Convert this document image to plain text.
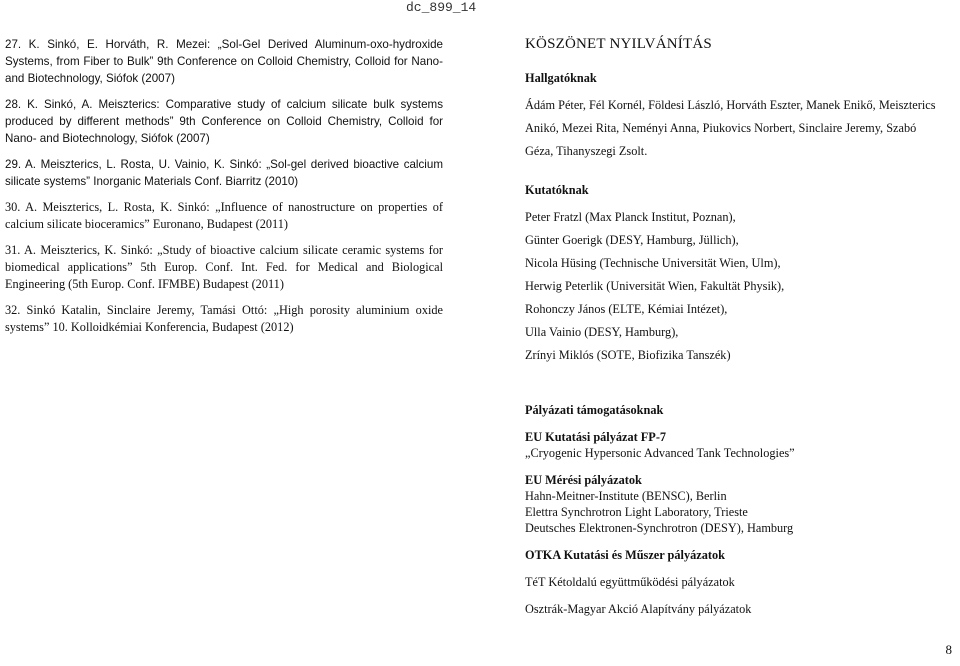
dc_899_14

27. K. Sinkó, E. Horváth, R. Mezei: „Sol-Gel Derived Aluminum-oxo-hydroxide Systems, from Fiber to Bulk” 9th Conference on Colloid Chemistry, Colloid for Nano- and Biotechnology, Siófok (2007)

28. K. Sinkó, A. Meiszterics: Comparative study of calcium silicate bulk systems produced by different methods” 9th Conference on Colloid Chemistry, Colloid for Nano- and Biotechnology, Siófok (2007)

29. A. Meiszterics, L. Rosta, U. Vainio, K. Sinkó: „Sol-gel derived bioactive calcium silicate systems” Inorganic Materials Conf. Biarritz (2010)

30. A. Meiszterics, L. Rosta, K. Sinkó: „Influence of nanostructure on properties of calcium silicate bioceramics” Euronano, Budapest (2011)

31. A. Meiszterics, K. Sinkó: „Study of bioactive calcium silicate ceramic systems for biomedical applications” 5th Europ. Conf. Int. Fed. for Medical and Biological Engineering (5th Europ. Conf. IFMBE) Budapest (2011)

32. Sinkó Katalin, Sinclaire Jeremy, Tamási Ottó: „High porosity aluminium oxide systems” 10. Kolloidkémiai Konferencia, Budapest (2012)

KÖSZÖNET NYILVÁNÍTÁS
Hallgatóknak
Ádám Péter, Fél Kornél, Földesi László, Horváth Eszter, Manek Enikő, Meiszterics
Anikó, Mezei Rita, Neményi Anna, Piukovics Norbert, Sinclaire Jeremy, Szabó
Géza, Tihanyszegi Zsolt.
Kutatóknak
Peter Fratzl (Max Planck Institut, Poznan),
Günter Goerigk (DESY, Hamburg, Jüllich),
Nicola Hüsing (Technische Universität Wien, Ulm),
Herwig Peterlik (Universität Wien, Fakultät Physik),
Rohonczy János (ELTE, Kémiai Intézet),
Ulla Vainio (DESY, Hamburg),
Zrínyi Miklós (SOTE, Biofizika Tanszék)
Pályázati támogatásoknak
EU Kutatási pályázat FP-7
„Cryogenic Hypersonic Advanced Tank Technologies”
EU Mérési pályázatok
Hahn-Meitner-Institute (BENSC), Berlin
Elettra Synchrotron Light Laboratory, Trieste
Deutsches Elektronen-Synchrotron (DESY), Hamburg
OTKA Kutatási és Műszer pályázatok
TéT Kétoldalú együttműködési pályázatok
Osztrák-Magyar Akció Alapítvány pályázatok
8
